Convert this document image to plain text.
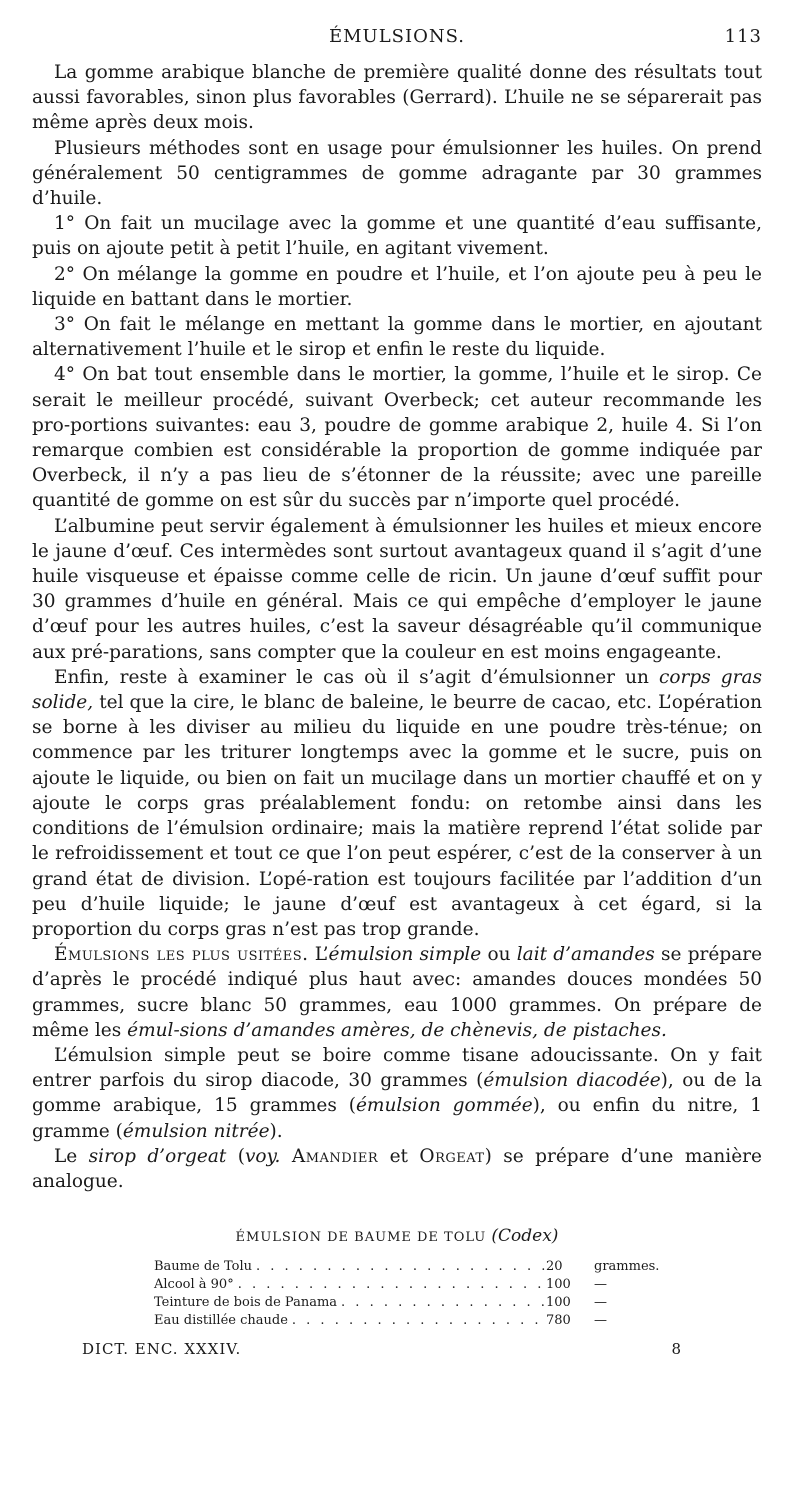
ÉMULSIONS.	113

La gomme arabique blanche de première qualité donne des résultats tout aussi favorables, sinon plus favorables (Gerrard). L’huile ne se séparerait pas même après deux mois.

Plusieurs méthodes sont en usage pour émulsionner les huiles. On prend généralement 50 centigrammes de gomme adragante par 30 grammes d’huile.

1° On fait un mucilage avec la gomme et une quantité d’eau suffisante, puis on ajoute petit à petit l’huile, en agitant vivement.

2° On mélange la gomme en poudre et l’huile, et l’on ajoute peu à peu le liquide en battant dans le mortier.

3° On fait le mélange en mettant la gomme dans le mortier, en ajoutant alternativement l’huile et le sirop et enfin le reste du liquide.

4° On bat tout ensemble dans le mortier, la gomme, l’huile et le sirop. Ce serait le meilleur procédé, suivant Overbeck; cet auteur recommande les pro-portions suivantes: eau 3, poudre de gomme arabique 2, huile 4. Si l’on remarque combien est considérable la proportion de gomme indiquée par Overbeck, il n’y a pas lieu de s’étonner de la réussite; avec une pareille quantité de gomme on est sûr du succès par n’importe quel procédé.

L’albumine peut servir également à émulsionner les huiles et mieux encore le jaune d’œuf. Ces intermèdes sont surtout avantageux quand il s’agit d’une huile visqueuse et épaisse comme celle de ricin. Un jaune d’œuf suffit pour 30 grammes d’huile en général. Mais ce qui empêche d’employer le jaune d’œuf pour les autres huiles, c’est la saveur désagréable qu’il communique aux pré-parations, sans compter que la couleur en est moins engageante.

Enfin, reste à examiner le cas où il s’agit d’émulsionner un corps gras solide, tel que la cire, le blanc de baleine, le beurre de cacao, etc. L’opération se borne à les diviser au milieu du liquide en une poudre très-ténue; on commence par les triturer longtemps avec la gomme et le sucre, puis on ajoute le liquide, ou bien on fait un mucilage dans un mortier chauffé et on y ajoute le corps gras préalablement fondu: on retombe ainsi dans les conditions de l’émulsion ordinaire; mais la matière reprend l’état solide par le refroidissement et tout ce que l’on peut espérer, c’est de la conserver à un grand état de division. L’opé-ration est toujours facilitée par l’addition d’un peu d’huile liquide; le jaune d’œuf est avantageux à cet égard, si la proportion du corps gras n’est pas trop grande.

Émulsions les plus usitées. L’émulsion simple ou lait d’amandes se prépare d’après le procédé indiqué plus haut avec: amandes douces mondées 50 grammes, sucre blanc 50 grammes, eau 1000 grammes. On prépare de même les émul-sions d’amandes amères, de chènevis, de pistaches.

L’émulsion simple peut se boire comme tisane adoucissante. On y fait entrer parfois du sirop diacode, 30 grammes (émulsion diacodée), ou de la gomme arabique, 15 grammes (émulsion gommée), ou enfin du nitre, 1 gramme (émulsion nitrée).

Le sirop d’orgeat (voy. Amandier et Orgeat) se prépare d’une manière analogue.

ÉMULSION DE BAUME DE TOLU (Codex)
Baume de Tolu . . .	20	grammes.
Alcool à 90° . . .	100	—
Teinture de bois de Panama . . .	100	—
Eau distillée chaude . . .	780	—
DICT. ENC. XXXIV.	8
